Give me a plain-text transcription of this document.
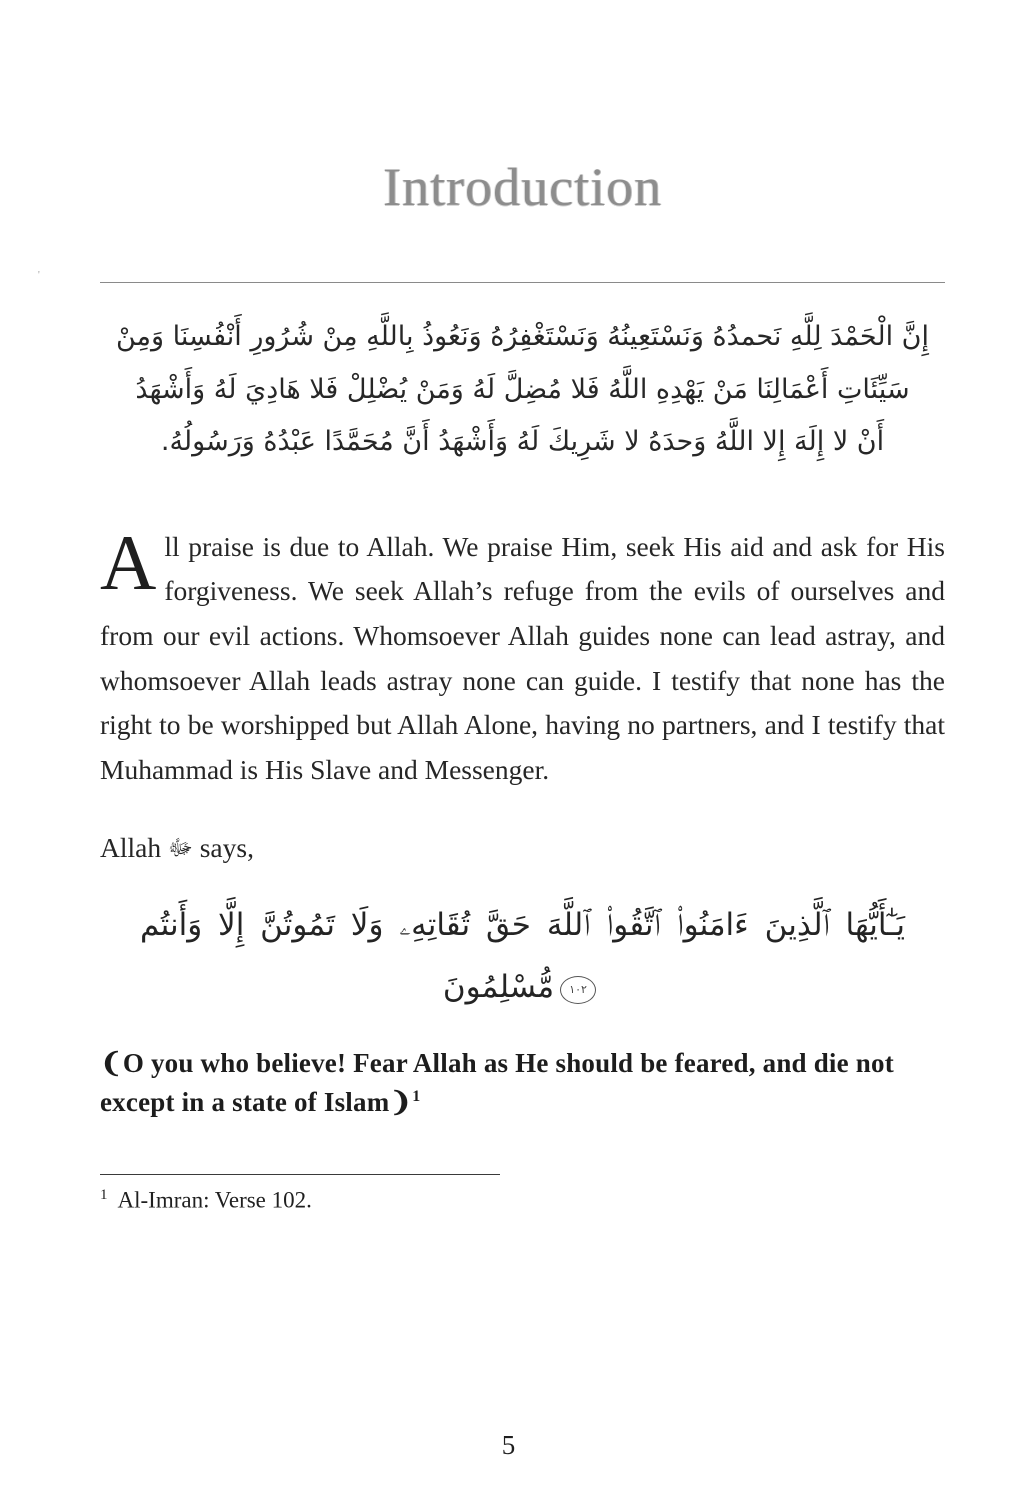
'
Introduction
إِنَّ الْحَمْدَ لِلَّهِ نَحمدُهُ وَنَسْتَعِينُهُ وَنَسْتَغْفِرُهُ وَنَعُوذُ بِاللَّهِ مِنْ شُرُورِ أَنْفُسِنَا وَمِنْ
سَيِّئَاتِ أَعْمَالِنَا مَنْ يَهْدِهِ اللَّهُ فَلا مُضِلَّ لَهُ وَمَنْ يُضْلِلْ فَلا هَادِيَ لَهُ وَأَشْهَدُ
أَنْ لا إِلَهَ إِلا اللَّهُ وَحدَهُ لا شَرِيكَ لَهُ وَأَشْهَدُ أَنَّ مُحَمَّدًا عَبْدُهُ وَرَسُولُهُ.

All praise is due to Allah. We praise Him, seek His aid and ask for His forgiveness. We seek Allah’s refuge from the evils of ourselves and from our evil actions. Whomsoever Allah guides none can lead astray, and whomsoever Allah leads astray none can guide. I testify that none has the right to be worshipped but Allah Alone, having no partners, and I testify that Muhammad is His Slave and Messenger.

Allah ﷻ says,

يَـٰٓأَيُّهَا ٱلَّذِينَ ءَامَنُوا۟ ٱتَّقُوا۟ ٱللَّهَ حَقَّ تُقَاتِهِۦ وَلَا تَمُوتُنَّ إِلَّا وَأَنتُم
١٠٢مُّسْلِمُونَ

❨O you who believe! Fear Allah as He should be feared, and die not except in a state of Islam❩$^1$

$^1$ Al-Imran: Verse 102.

5
